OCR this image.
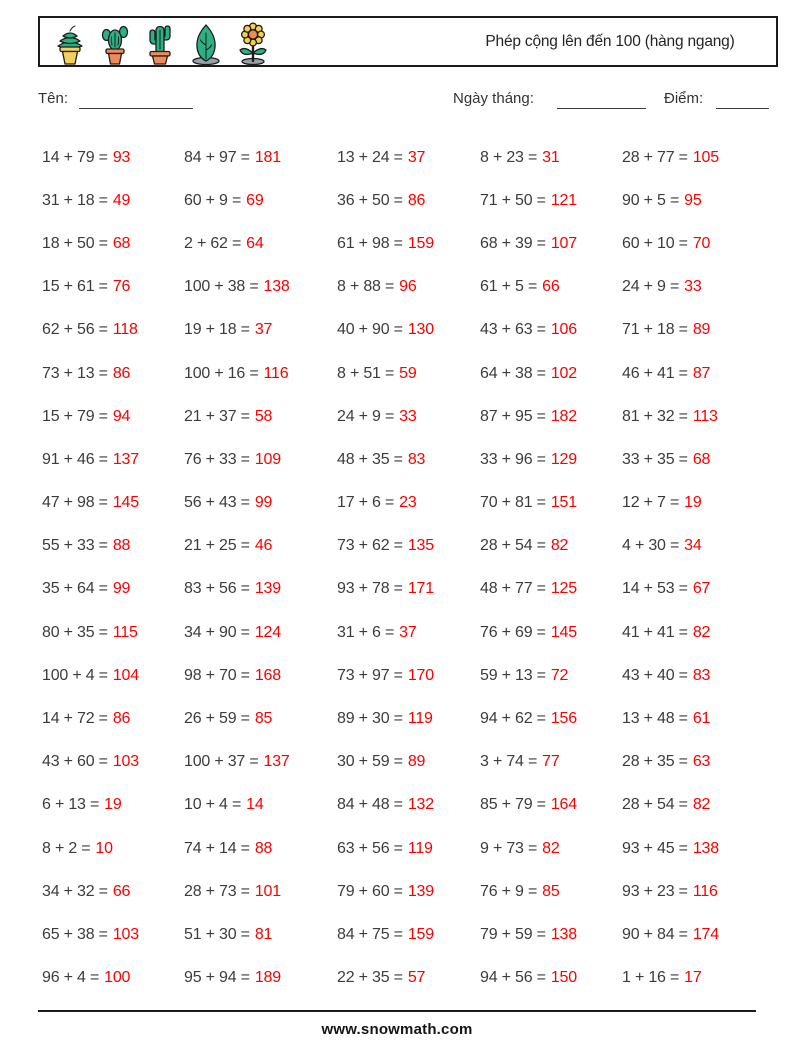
Phép cộng lên đến 100 (hàng ngang)
Tên:	Ngày tháng:	Điểm:
14 + 79 = 93	84 + 97 = 181	13 + 24 = 37	8 + 23 = 31	28 + 77 = 105
31 + 18 = 49	60 + 9 = 69	36 + 50 = 86	71 + 50 = 121	90 + 5 = 95
18 + 50 = 68	2 + 62 = 64	61 + 98 = 159	68 + 39 = 107	60 + 10 = 70
15 + 61 = 76	100 + 38 = 138	8 + 88 = 96	61 + 5 = 66	24 + 9 = 33
62 + 56 = 118	19 + 18 = 37	40 + 90 = 130	43 + 63 = 106	71 + 18 = 89
73 + 13 = 86	100 + 16 = 116	8 + 51 = 59	64 + 38 = 102	46 + 41 = 87
15 + 79 = 94	21 + 37 = 58	24 + 9 = 33	87 + 95 = 182	81 + 32 = 113
91 + 46 = 137	76 + 33 = 109	48 + 35 = 83	33 + 96 = 129	33 + 35 = 68
47 + 98 = 145	56 + 43 = 99	17 + 6 = 23	70 + 81 = 151	12 + 7 = 19
55 + 33 = 88	21 + 25 = 46	73 + 62 = 135	28 + 54 = 82	4 + 30 = 34
35 + 64 = 99	83 + 56 = 139	93 + 78 = 171	48 + 77 = 125	14 + 53 = 67
80 + 35 = 115	34 + 90 = 124	31 + 6 = 37	76 + 69 = 145	41 + 41 = 82
100 + 4 = 104	98 + 70 = 168	73 + 97 = 170	59 + 13 = 72	43 + 40 = 83
14 + 72 = 86	26 + 59 = 85	89 + 30 = 119	94 + 62 = 156	13 + 48 = 61
43 + 60 = 103	100 + 37 = 137	30 + 59 = 89	3 + 74 = 77	28 + 35 = 63
6 + 13 = 19	10 + 4 = 14	84 + 48 = 132	85 + 79 = 164	28 + 54 = 82
8 + 2 = 10	74 + 14 = 88	63 + 56 = 119	9 + 73 = 82	93 + 45 = 138
34 + 32 = 66	28 + 73 = 101	79 + 60 = 139	76 + 9 = 85	93 + 23 = 116
65 + 38 = 103	51 + 30 = 81	84 + 75 = 159	79 + 59 = 138	90 + 84 = 174
96 + 4 = 100	95 + 94 = 189	22 + 35 = 57	94 + 56 = 150	1 + 16 = 17
www.snowmath.com
